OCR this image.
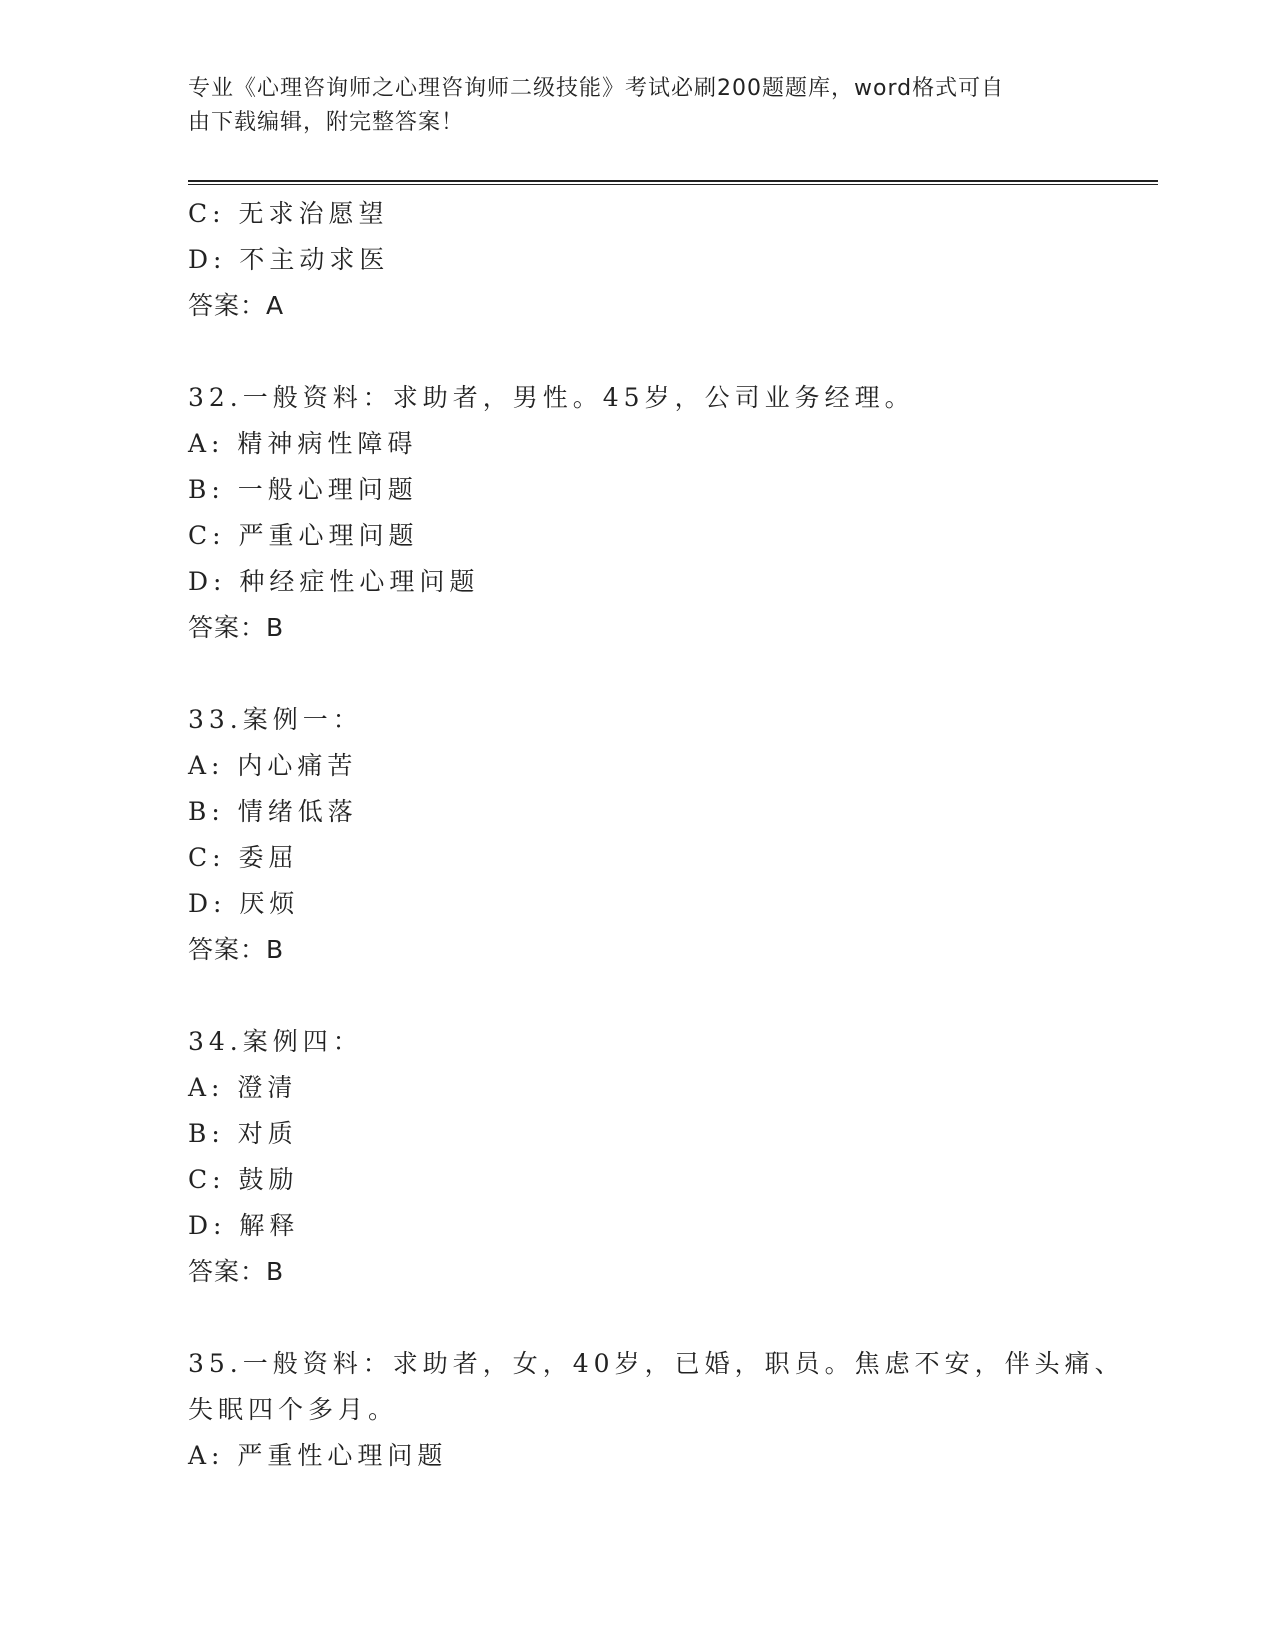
专业《心理咨询师之心理咨询师二级技能》考试必刷200题题库，word格式可自
由下载编辑，附完整答案！
C: 无求治愿望
D: 不主动求医
答案：A
32.一般资料：求助者，男性。45岁，公司业务经理。
A: 精神病性障碍
B: 一般心理问题
C: 严重心理问题
D: 种经症性心理问题
答案：B
33.案例一：
A: 内心痛苦
B: 情绪低落
C: 委屈
D: 厌烦
答案：B
34.案例四：
A: 澄清
B: 对质
C: 鼓励
D: 解释
答案：B
35.一般资料：求助者，女，40岁，已婚，职员。焦虑不安，伴头痛、
失眠四个多月。
A: 严重性心理问题
